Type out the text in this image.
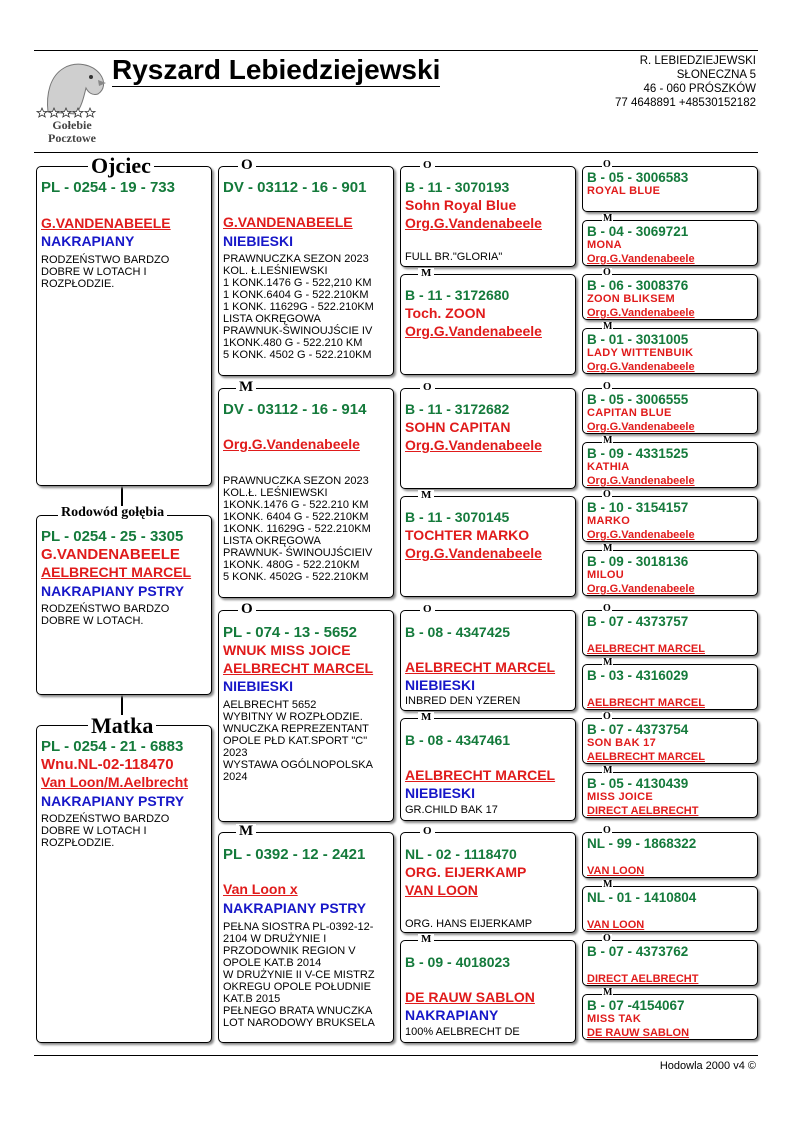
Gołebie
Pocztowe
Ryszard Lebiedziejewski	R. LEBIEDZIEJEWSKI
SŁONECZNA 5
46 - 060 PRÓSZKÓW
77 4648891 +48530152182
PL - 0254 - 19 - 733
G.VANDENABEELE
NAKRAPIANY
RODZEŃSTWO BARDZO
DOBRE W LOTACH I
ROZPŁODZIE.
Ojciec
PL - 0254 - 25 - 3305
G.VANDENABEELE
AELBRECHT MARCEL
NAKRAPIANY PSTRY
RODZEŃSTWO BARDZO
DOBRE W LOTACH.
Rodowód gołębia
PL - 0254 - 21 - 6883
Wnu.NL-02-118470
Van Loon/M.Aelbrecht
NAKRAPIANY PSTRY
RODZEŃSTWO BARDZO
DOBRE W LOTACH I
ROZPŁODZIE.
Matka
DV - 03112 - 16 - 901
G.VANDENABEELE
NIEBIESKI
PRAWNUCZKA SEZON 2023
KOL. Ł.LEŚNIEWSKI
1 KONK.1476 G - 522,210 KM
1 KONK.6404 G - 522.210KM
1 KONK. 11629G - 522.210KM
LISTA OKRĘGOWA
PRAWNUK-ŚWINOUJŚCIE IV
1KONK.480 G - 522.210 KM
5 KONK. 4502 G - 522.210KM
O
DV - 03112 - 16 - 914
Org.G.Vandenabeele
PRAWNUCZKA SEZON 2023
KOL.Ł. LEŚNIEWSKI
1KONK.1476 G - 522.210 KM
1KONK. 6404 G - 522.210KM
1KONK. 11629G - 522.210KM
LISTA OKRĘGOWA
PRAWNUK- ŚWINOUJŚCIEIV
1KONK. 480G - 522.210KM
5 KONK. 4502G - 522.210KM
M
PL - 074 - 13 - 5652
WNUK MISS JOICE
AELBRECHT MARCEL
NIEBIESKI
AELBRECHT 5652
WYBITNY W ROZPŁODZIE.
WNUCZKA REPREZENTANT
OPOLE PŁD KAT.SPORT "C"
2023
WYSTAWA OGÓLNOPOLSKA
2024
O
PL - 0392 - 12 - 2421
Van Loon x
NAKRAPIANY PSTRY
PEŁNA SIOSTRA PL-0392-12-
2104 W DRUŻYNIE I
PRZODOWNIK REGION V
OPOLE KAT.B 2014
W DRUŻYNIE II V-CE MISTRZ
OKREGU OPOLE POŁUDNIE
KAT.B 2015
PEŁNEGO BRATA WNUCZKA
LOT NARODOWY BRUKSELA
M
B - 11 - 3070193
Sohn Royal Blue
Org.G.Vandenabeele
FULL BR."GLORIA"
O
B - 11 - 3172680
Toch. ZOON
Org.G.Vandenabeele
M
B - 11 - 3172682
SOHN CAPITAN
Org.G.Vandenabeele
O
B - 11 - 3070145
TOCHTER MARKO
Org.G.Vandenabeele
M
B - 08 - 4347425
AELBRECHT MARCEL
NIEBIESKI
INBRED DEN YZEREN
O
B - 08 - 4347461
AELBRECHT MARCEL
NIEBIESKI
GR.CHILD BAK 17
M
NL - 02 - 1118470
ORG. EIJERKAMP
VAN LOON
ORG. HANS EIJERKAMP
O
B - 09 - 4018023
DE RAUW SABLON
NAKRAPIANY
100% AELBRECHT DE
M
B - 05 - 3006583
ROYAL BLUE
O
B - 04 - 3069721
MONA
Org.G.Vandenabeele
M
B - 06 - 3008376
ZOON BLIKSEM
Org.G.Vandenabeele
O
B - 01 - 3031005
LADY WITTENBUIK
Org.G.Vandenabeele
M
B - 05 - 3006555
CAPITAN BLUE
Org.G.Vandenabeele
O
B - 09 - 4331525
KATHIA
Org.G.Vandenabeele
M
B - 10 - 3154157
MARKO
Org.G.Vandenabeele
O
B - 09 - 3018136
MILOU
Org.G.Vandenabeele
M
B - 07 - 4373757
AELBRECHT MARCEL
O
B - 03 - 4316029
AELBRECHT MARCEL
M
B - 07 - 4373754
SON BAK 17
AELBRECHT MARCEL
O
B - 05 - 4130439
MISS JOICE
DIRECT AELBRECHT
M
NL - 99 - 1868322
VAN LOON
O
NL - 01 - 1410804
VAN LOON
M
B - 07 - 4373762
DIRECT AELBRECHT
O
B - 07 -4154067
MISS TAK
DE RAUW SABLON
M
Hodowla 2000 v4 ©
